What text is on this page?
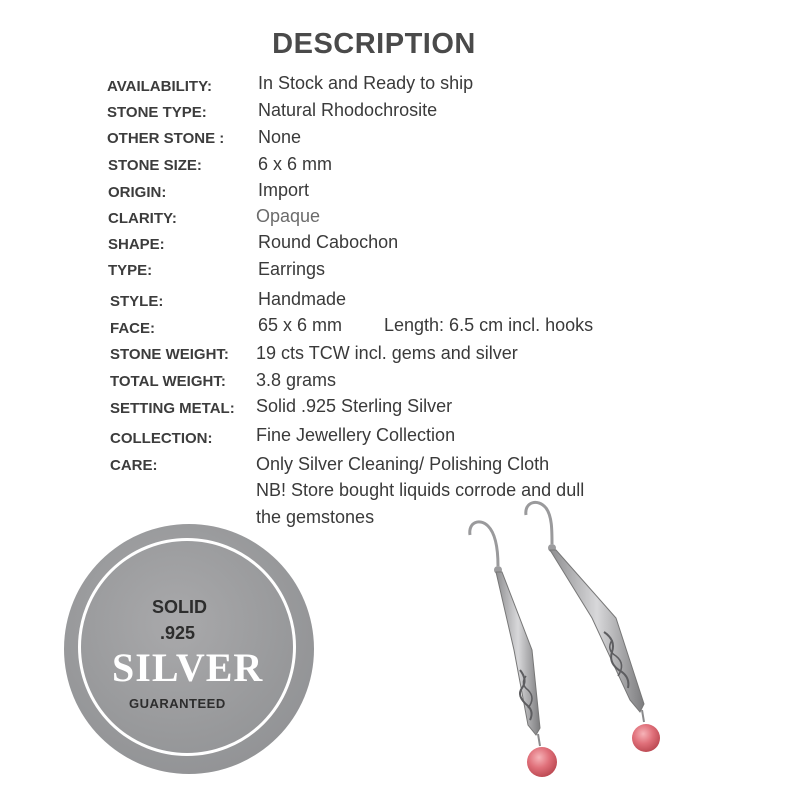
DESCRIPTION
AVAILABILITY:	In Stock and Ready to ship
STONE TYPE:	Natural Rhodochrosite
OTHER STONE : None
STONE SIZE:	6 x 6 mm
ORIGIN:	Import
CLARITY:	Opaque
SHAPE:	Round Cabochon
TYPE:	Earrings
STYLE:	Handmade
FACE:	65 x 6 mm Length: 6.5 cm incl. hooks
STONE WEIGHT: 19 cts TCW incl. gems and silver
TOTAL WEIGHT: 3.8 grams
SETTING METAL: Solid .925 Sterling Silver
COLLECTION: Fine Jewellery Collection
CARE:	Only Silver Cleaning/ Polishing Cloth
NB! Store bought liquids corrode and dull
the gemstones
SOLID
.925
SILVER
GUARANTEED
